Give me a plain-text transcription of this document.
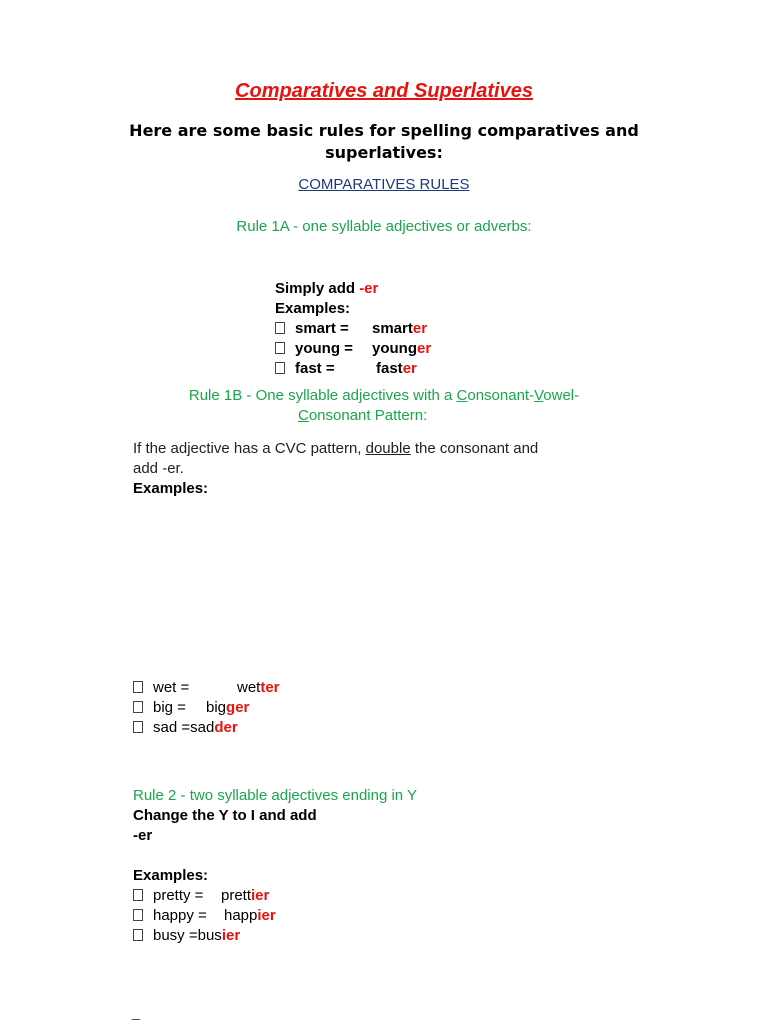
Comparatives and Superlatives
Here are some basic rules for spelling comparatives and
superlatives:
COMPARATIVES RULES
Rule 1A - one syllable adjectives or adverbs:
Simply add -er
Examples:
smart = smarter
young = younger
fast =	faster
Rule 1B - One syllable adjectives with a Consonant-Vowel-
Consonant Pattern:
If the adjective has a CVC pattern, double the consonant and
add -er.
Examples:
wet =	wetter
big = bigger
sad =sadder
Rule 2 - two syllable adjectives ending in Y
Change the Y to I and add
-er
Examples:
pretty = prettier
happy = happier
busy =busier
_
